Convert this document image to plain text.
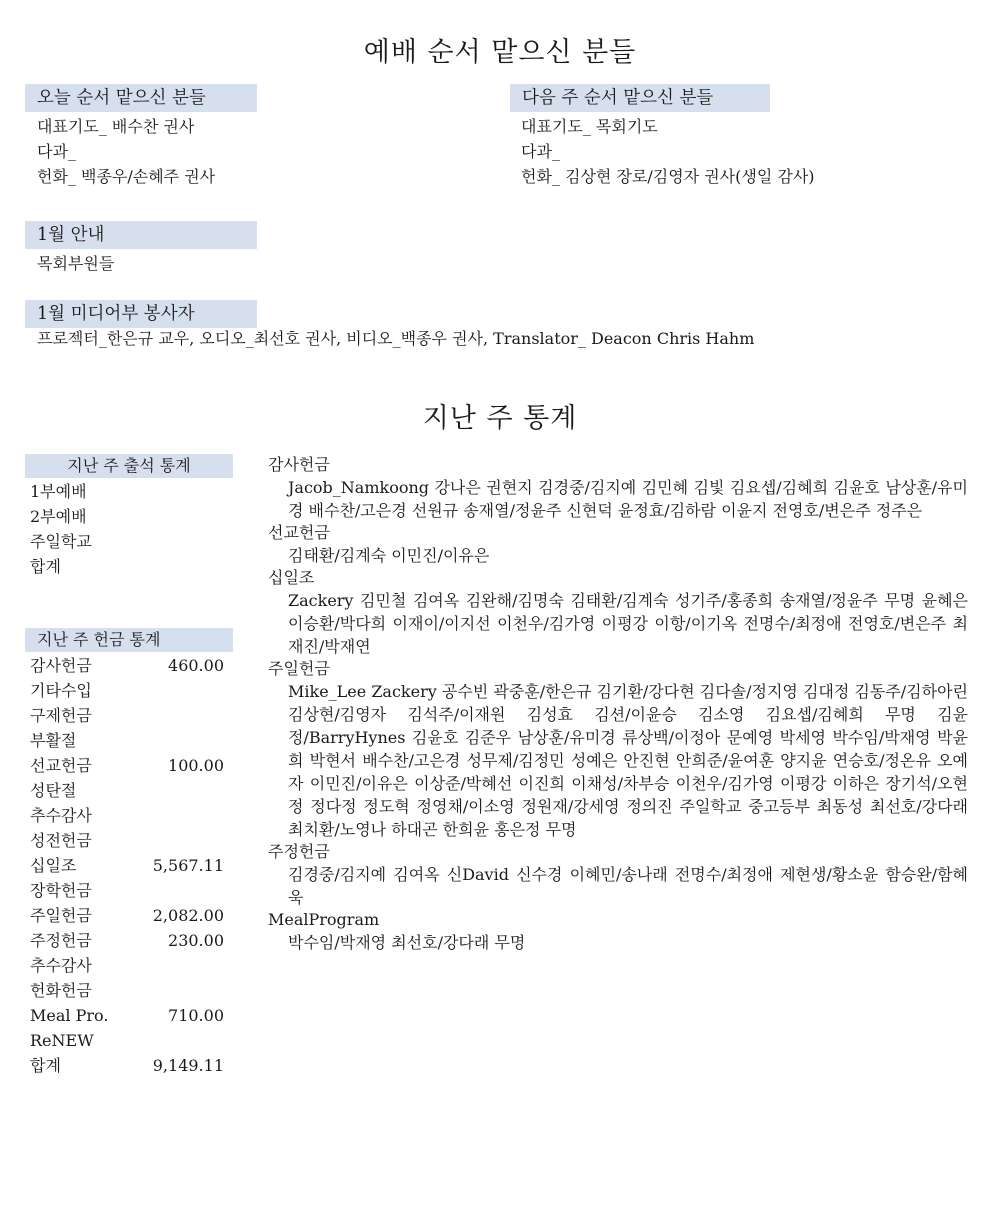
예배 순서 맡으신 분들
오늘 순서 맡으신 분들
대표기도_ 배수찬 권사
다과_
헌화_ 백종우/손혜주 권사
다음 주 순서 맡으신 분들
대표기도_ 목회기도
다과_
헌화_ 김상현 장로/김영자 권사(생일 감사)
1월 안내
목회부원들
1월 미디어부 봉사자
프로젝터_한은규 교우, 오디오_최선호 권사, 비디오_백종우 권사, Translator_ Deacon Chris Hahm
지난 주 통계
지난 주 출석 통계
1부예배
2부예배
주일학교
합계
지난 주 헌금 통계
감사헌금	460.00
기타수입
구제헌금
부활절
선교헌금	100.00
성탄절
추수감사
성전헌금
십일조	5,567.11
장학헌금
주일헌금	2,082.00
주정헌금	230.00
추수감사
헌화헌금
Meal Pro.	710.00
ReNEW
합계	9,149.11
감사헌금
Jacob_Namkoong 강나은 권현지 김경중/김지예 김민혜 김빛 김요셉/김혜희 김윤호 남상훈/유미경 배수찬/고은경 선원규 송재열/정윤주 신현덕 윤정효/김하람 이윤지 전영호/변은주 정주은
선교헌금
김태환/김계숙 이민진/이유은
십일조
Zackery 김민철 김여옥 김완해/김명숙 김태환/김계숙 성기주/홍종희 송재열/정윤주 무명 윤혜은 이승환/박다희 이재이/이지선 이천우/김가영 이평강 이항/이기옥 전명수/최정애 전영호/변은주 최재진/박재연
주일헌금
Mike_Lee Zackery 공수빈 곽중훈/한은규 김기환/강다현 김다솔/정지영 김대정 김동주/김하아린 김상현/김영자 김석주/이재원 김성효 김션/이윤승 김소영 김요셉/김혜희 무명 김윤정/BarryHynes 김윤호 김준우 남상훈/유미경 류상백/이정아 문예영 박세영 박수임/박재영 박윤희 박현서 배수찬/고은경 성무제/김정민 성예은 안진현 안희준/윤여훈 양지윤 연승호/정온유 오예자 이민진/이유은 이상준/박혜선 이진희 이채성/차부승 이천우/김가영 이평강 이하은 장기석/오현정 정다정 정도혁 정영채/이소영 정원재/강세영 정의진 주일학교 중고등부 최동성 최선호/강다래 최치환/노영나 하대곤 한희윤 홍은정 무명
주정헌금
김경중/김지예 김여옥 신David 신수경 이혜민/송나래 전명수/최정애 제현생/황소윤 함승완/함혜욱
MealProgram
박수임/박재영 최선호/강다래 무명
